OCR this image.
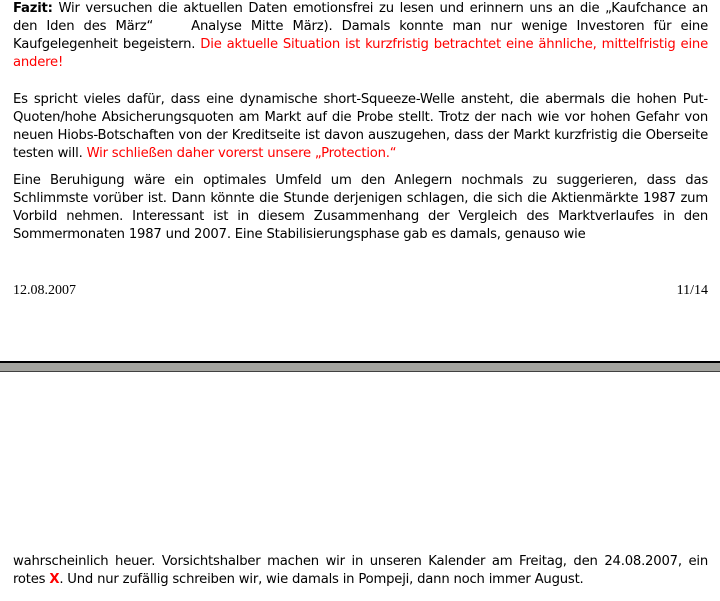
Fazit: Wir versuchen die aktuellen Daten emotionsfrei zu lesen und erinnern uns an die „Kaufchance an den Iden des März“	Analyse Mitte März). Damals konnte man nur wenige Investoren für eine Kaufgelegenheit begeistern. Die aktuelle Situation ist kurzfristig betrachtet eine ähnliche, mittelfristig eine andere!

Es spricht vieles dafür, dass eine dynamische short-Squeeze-Welle ansteht, die abermals die hohen Put-Quoten/hohe Absicherungsquoten am Markt auf die Probe stellt. Trotz der nach wie vor hohen Gefahr von neuen Hiobs-Botschaften von der Kreditseite ist davon auszugehen, dass der Markt kurzfristig die Oberseite testen will. Wir schließen daher vorerst unsere „Protection.“

Eine Beruhigung wäre ein optimales Umfeld um den Anlegern nochmals zu suggerieren, dass das Schlimmste vorüber ist. Dann könnte die Stunde derjenigen schlagen, die sich die Aktienmärkte 1987 zum Vorbild nehmen. Interessant ist in diesem Zusammenhang der Vergleich des Marktverlaufes in den Sommermonaten 1987 und 2007. Eine Stabilisierungsphase gab es damals, genauso wie

12.08.2007	11/14

wahrscheinlich heuer. Vorsichtshalber machen wir in unseren Kalender am Freitag, den 24.08.2007, ein rotes X. Und nur zufällig schreiben wir, wie damals in Pompeji, dann noch immer August.
